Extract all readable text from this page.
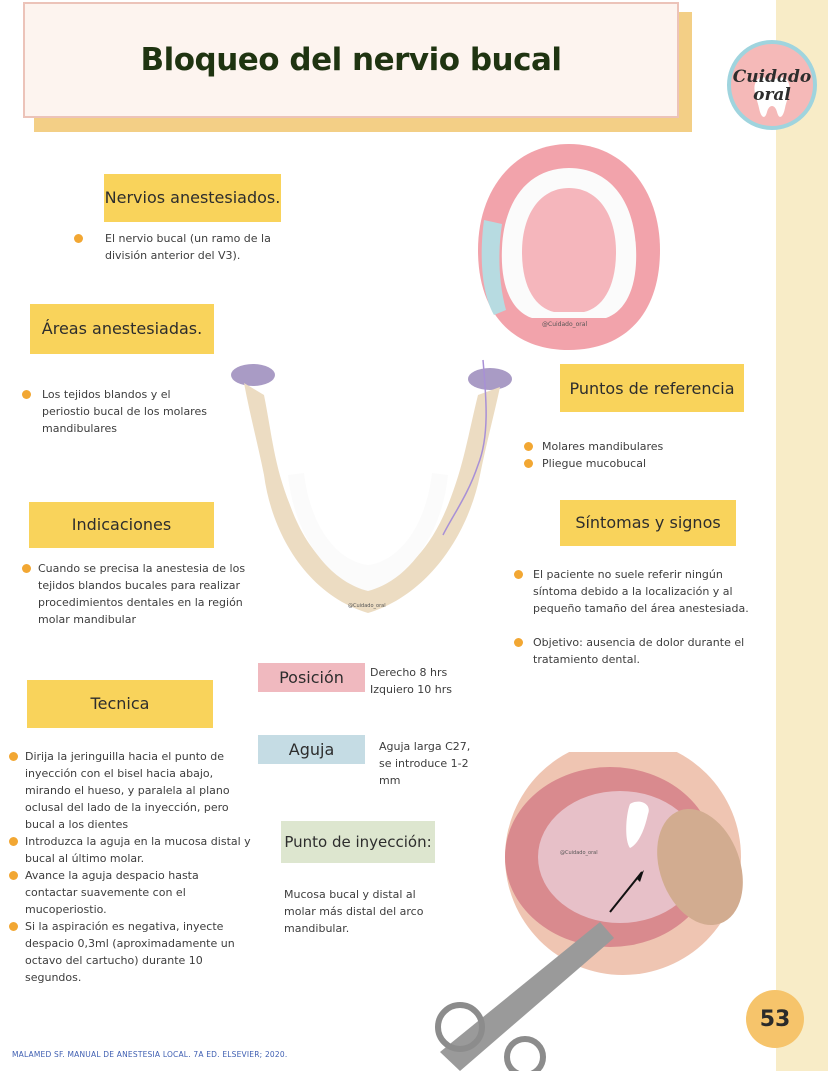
Bloqueo del nervio bucal	Cuidado oral
Nervios anestesiados.
El nervio bucal (un ramo de la división anterior del V3).
Áreas anestesiadas.
Los tejidos blandos y el periostio bucal de los molares mandibulares
Indicaciones
Cuando se precisa la anestesia de los tejidos blandos bucales para realizar procedimientos dentales en la región molar mandibular
Tecnica
Dirija la jeringuilla hacia el punto de inyección con el bisel hacia abajo, mirando el hueso, y paralela al plano oclusal del lado de la inyección, pero bucal a los dientes
Introduzca la aguja en la mucosa distal y bucal al último molar.
Avance la aguja despacio hasta contactar suavemente con el mucoperiostio.
Si la aspiración es negativa, inyecte despacio 0,3ml (aproximadamente un octavo del cartucho) durante 10 segundos.
Puntos de referencia
Molares mandibulares
Pliegue mucobucal
Síntomas y signos
El paciente no suele referir ningún síntoma debido a la localización y al pequeño tamaño del área anestesiada.
Objetivo: ausencia de dolor durante el tratamiento dental.
Posición	Derecho 8 hrs
Izquiero 10 hrs
Aguja	Aguja larga C27, se introduce 1-2 mm
Punto de inyección:
Mucosa bucal y distal al molar más distal del arco mandibular.
@Cuidado_oral
@Cuidado_oral
@Cuidado_oral
53
MALAMED SF. MANUAL DE ANESTESIA LOCAL. 7A ED. ELSEVIER; 2020.
